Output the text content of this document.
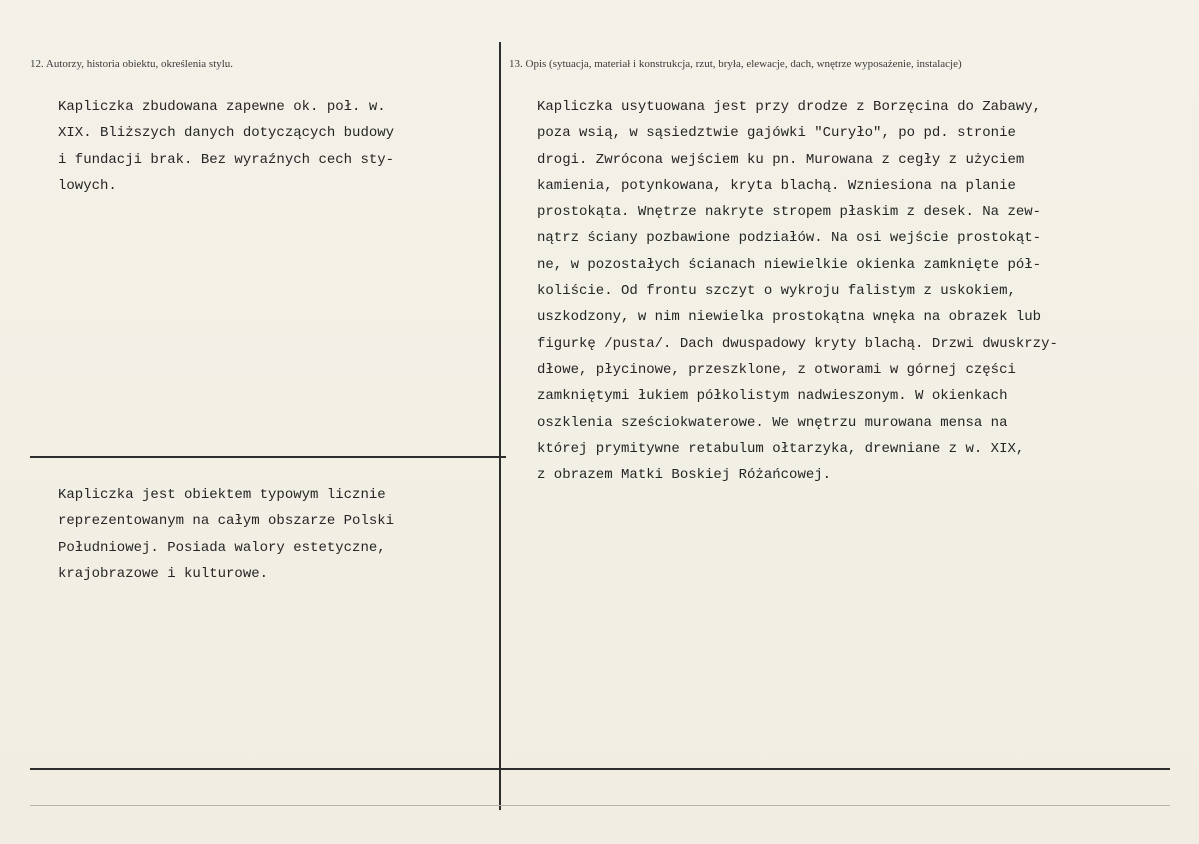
12. Autorzy, historia obiektu, określenia stylu.	13. Opis (sytuacja, materiał i konstrukcja, rzut, bryła, elewacje, dach, wnętrze wyposażenie, instalacje)
Kapliczka zbudowana zapewne ok. poł. w.
XIX. Bliższych danych dotyczących budowy
i fundacji brak. Bez wyraźnych cech sty-
lowych.
Kapliczka jest obiektem typowym licznie
reprezentowanym na całym obszarze Polski
Południowej. Posiada walory estetyczne,
krajobrazowe i kulturowe.
Kapliczka usytuowana jest przy drodze z Borzęcina do Zabawy,
poza wsią, w sąsiedztwie gajówki "Curyło", po pd. stronie
drogi. Zwrócona wejściem ku pn. Murowana z cegły z użyciem
kamienia, potynkowana, kryta blachą. Wzniesiona na planie
prostokąta. Wnętrze nakryte stropem płaskim z desek. Na zew-
nątrz ściany pozbawione podziałów. Na osi wejście prostokąt-
ne, w pozostałych ścianach niewielkie okienka zamknięte pół-
koliście. Od frontu szczyt o wykroju falistym z uskokiem,
uszkodzony, w nim niewielka prostokątna wnęka na obrazek lub
figurkę /pusta/. Dach dwuspadowy kryty blachą. Drzwi dwuskrzy-
dłowe, płycinowe, przeszklone, z otworami w górnej części
zamkniętymi łukiem półkolistym nadwieszonym. W okienkach
oszklenia sześciokwaterowe. We wnętrzu murowana mensa na
której prymitywne retabulum ołtarzyka, drewniane z w. XIX,
z obrazem Matki Boskiej Różańcowej.
